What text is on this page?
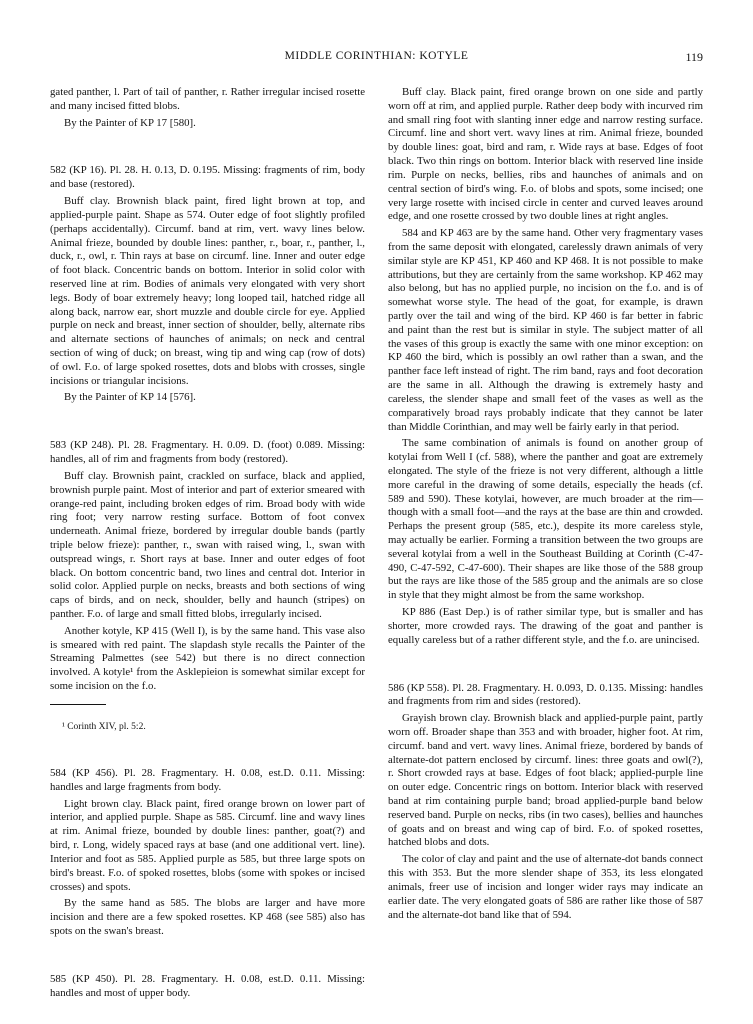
MIDDLE CORINTHIAN: KOTYLE	119

gated panther, l. Part of tail of panther, r. Rather irregular incised rosette and many incised fitted blobs.

By the Painter of KP 17 [580].

582 (KP 16). Pl. 28. H. 0.13, D. 0.195. Missing: fragments of rim, body and base (restored).

Buff clay. Brownish black paint, fired light brown at top, and applied-purple paint. Shape as 574. Outer edge of foot slightly profiled (perhaps accidentally). Circumf. band at rim, vert. wavy lines below. Animal frieze, bounded by double lines: panther, r., boar, r., panther, l., duck, r., owl, r. Thin rays at base on circumf. line. Inner and outer edge of foot black. Concentric bands on bottom. Interior in solid color with reserved line at rim. Bodies of animals very elongated with very short legs. Body of boar extremely heavy; long looped tail, hatched ridge all along back, narrow ear, short muzzle and double circle for eye. Applied purple on neck and breast, inner section of shoulder, belly, alternate ribs and alternate sections of haunches of animals; on neck and central section of wing of duck; on breast, wing tip and wing cap (row of dots) of owl. F.o. of large spoked rosettes, dots and blobs with crosses, single incisions or triangular incisions.

By the Painter of KP 14 [576].

583 (KP 248). Pl. 28. Fragmentary. H. 0.09. D. (foot) 0.089. Missing: handles, all of rim and fragments from body (restored).

Buff clay. Brownish paint, crackled on surface, black and applied, brownish purple paint. Most of interior and part of exterior smeared with orange-red paint, including broken edges of rim. Broad body with wide ring foot; very narrow resting surface. Bottom of foot convex underneath. Animal frieze, bordered by irregular double bands (partly triple below frieze): panther, r., swan with raised wing, l., swan with outspread wings, r. Short rays at base. Inner and outer edges of foot black. On bottom concentric band, two lines and central dot. Interior in solid color. Applied purple on necks, breasts and both sections of wing caps of birds, and on neck, shoulder, belly and haunch (stripes) on panther. F.o. of large and small fitted blobs, irregularly incised.

Another kotyle, KP 415 (Well I), is by the same hand. This vase also is smeared with red paint. The slapdash style recalls the Painter of the Streaming Palmettes (see 542) but there is no direct connection involved. A kotyle¹ from the Asklepieion is somewhat similar except for some incision on the f.o.

¹ Corinth XIV, pl. 5:2.

584 (KP 456). Pl. 28. Fragmentary. H. 0.08, est.D. 0.11. Missing: handles and large fragments from body.

Light brown clay. Black paint, fired orange brown on lower part of interior, and applied purple. Shape as 585. Circumf. line and wavy lines at rim. Animal frieze, bounded by double lines: panther, goat(?) and bird, r. Long, widely spaced rays at base (and one additional vert. line). Interior and foot as 585. Applied purple as 585, but three large spots on bird's breast. F.o. of spoked rosettes, blobs (some with spokes or incised crosses) and spots.

By the same hand as 585. The blobs are larger and have more incision and there are a few spoked rosettes. KP 468 (see 585) also has spots on the swan's breast.

585 (KP 450). Pl. 28. Fragmentary. H. 0.08, est.D. 0.11. Missing: handles and most of upper body.

Buff clay. Black paint, fired orange brown on one side and partly worn off at rim, and applied purple. Rather deep body with incurved rim and small ring foot with slanting inner edge and narrow resting surface. Circumf. line and short vert. wavy lines at rim. Animal frieze, bounded by double lines: goat, bird and ram, r. Wide rays at base. Edges of foot black. Two thin rings on bottom. Interior black with reserved line inside rim. Purple on necks, bellies, ribs and haunches of animals and on central section of bird's wing. F.o. of blobs and spots, some incised; one very large rosette with incised circle in center and curved leaves around edge, and one rosette crossed by two double lines at right angles.

584 and KP 463 are by the same hand. Other very fragmentary vases from the same deposit with elongated, carelessly drawn animals of very similar style are KP 451, KP 460 and KP 468. It is not possible to make attributions, but they are certainly from the same workshop. KP 462 may also belong, but has no applied purple, no incision on the f.o. and is of somewhat worse style. The head of the goat, for example, is drawn partly over the tail and wing of the bird. KP 460 is far better in fabric and paint than the rest but is similar in style. The subject matter of all the vases of this group is exactly the same with one minor exception: on KP 460 the bird, which is possibly an owl rather than a swan, and the panther face left instead of right. The rim band, rays and foot decoration are the same in all. Although the drawing is extremely hasty and careless, the slender shape and small feet of the vases as well as the comparatively broad rays probably indicate that they cannot be later than Middle Corinthian, and may well be fairly early in that period.

The same combination of animals is found on another group of kotylai from Well I (cf. 588), where the panther and goat are extremely elongated. The style of the frieze is not very different, although a little more careful in the drawing of some details, especially the heads (cf. 589 and 590). These kotylai, however, are much broader at the rim—though with a small foot—and the rays at the base are thin and crowded. Perhaps the present group (585, etc.), despite its more careless style, may actually be earlier. Forming a transition between the two groups are several kotylai from a well in the Southeast Building at Corinth (C-47-490, C-47-592, C-47-600). Their shapes are like those of the 588 group but the rays are like those of the 585 group and the animals are so close in style that they might almost be from the same workshop.

KP 886 (East Dep.) is of rather similar type, but is smaller and has shorter, more crowded rays. The drawing of the goat and panther is equally careless but of a rather different style, and the f.o. are unincised.

586 (KP 558). Pl. 28. Fragmentary. H. 0.093, D. 0.135. Missing: handles and fragments from rim and sides (restored).

Grayish brown clay. Brownish black and applied-purple paint, partly worn off. Broader shape than 353 and with broader, higher foot. At rim, circumf. band and vert. wavy lines. Animal frieze, bordered by bands of alternate-dot pattern enclosed by circumf. lines: three goats and owl(?), r. Short crowded rays at base. Edges of foot black; applied-purple line on outer edge. Concentric rings on bottom. Interior black with reserved band at rim containing purple band; broad applied-purple band below reserved band. Purple on necks, ribs (in two cases), bellies and haunches of goats and on breast and wing cap of bird. F.o. of spoked rosettes, hatched blobs and dots.

The color of clay and paint and the use of alternate-dot bands connect this with 353. But the more slender shape of 353, its less elongated animals, freer use of incision and longer wider rays may indicate an earlier date. The very elongated goats of 586 are rather like those of 587 and the alternate-dot band like that of 594.
